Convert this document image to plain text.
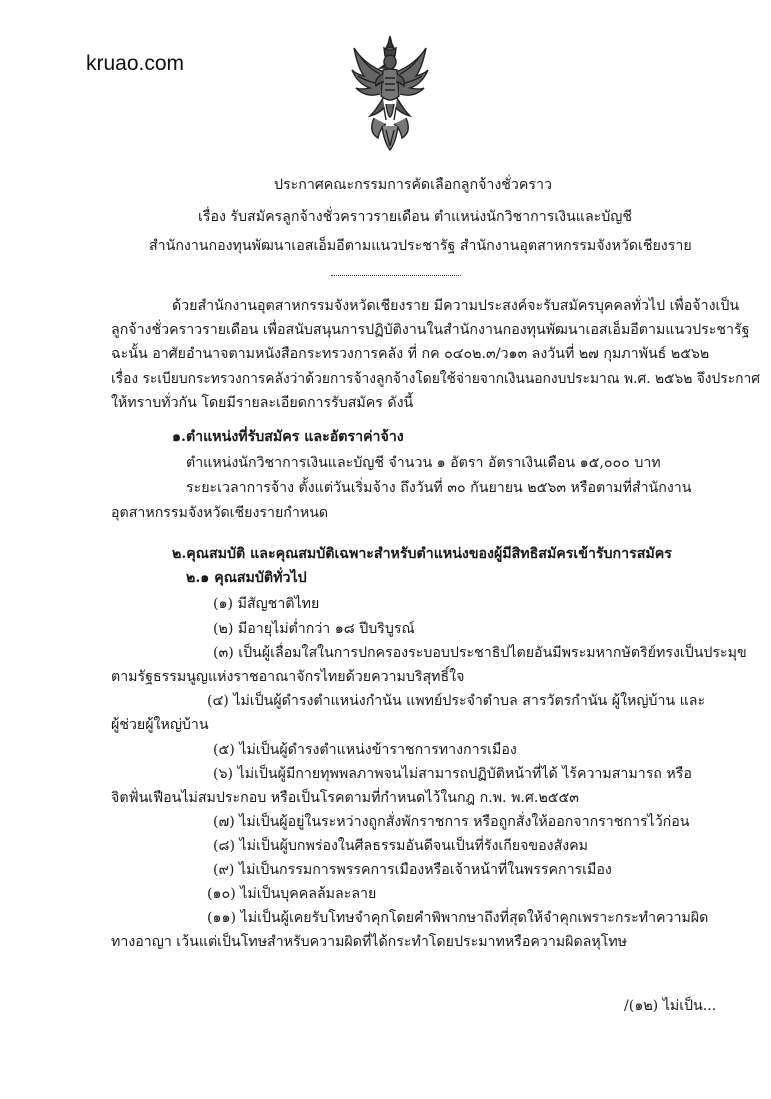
kruao.com
ประกาศคณะกรรมการคัดเลือกลูกจ้างชั่วคราว
เรื่อง รับสมัครลูกจ้างชั่วคราวรายเดือน ตำแหน่งนักวิชาการเงินและบัญชี
สำนักงานกองทุนพัฒนาเอสเอ็มอีตามแนวประชารัฐ สำนักงานอุตสาหกรรมจังหวัดเชียงราย
ด้วยสำนักงานอุตสาหกรรมจังหวัดเชียงราย มีความประสงค์จะรับสมัครบุคคลทั่วไป เพื่อจ้างเป็น
ลูกจ้างชั่วคราวรายเดือน เพื่อสนับสนุนการปฏิบัติงานในสำนักงานกองทุนพัฒนาเอสเอ็มอีตามแนวประชารัฐ
ฉะนั้น อาศัยอำนาจตามหนังสือกระทรวงการคลัง ที่ กค ๐๔๐๒.๓/ว๑๓ ลงวันที่ ๒๗ กุมภาพันธ์ ๒๕๖๒
เรื่อง ระเบียบกระทรวงการคลังว่าด้วยการจ้างลูกจ้างโดยใช้จ่ายจากเงินนอกงบประมาณ พ.ศ. ๒๕๖๒ จึงประกาศ
ให้ทราบทั่วกัน โดยมีรายละเอียดการรับสมัคร ดังนี้
๑.ตำแหน่งที่รับสมัคร และอัตราค่าจ้าง
ตำแหน่งนักวิชาการเงินและบัญชี จำนวน ๑ อัตรา อัตราเงินเดือน ๑๕,๐๐๐ บาท
ระยะเวลาการจ้าง ตั้งแต่วันเริ่มจ้าง ถึงวันที่ ๓๐ กันยายน ๒๕๖๓ หรือตามที่สำนักงาน
อุตสาหกรรมจังหวัดเชียงรายกำหนด
๒.คุณสมบัติ และคุณสมบัติเฉพาะสำหรับตำแหน่งของผู้มีสิทธิสมัครเข้ารับการสมัคร
๒.๑ คุณสมบัติทั่วไป
(๑) มีสัญชาติไทย
(๒) มีอายุไม่ต่ำกว่า ๑๘ ปีบริบูรณ์
(๓) เป็นผู้เลื่อมใสในการปกครองระบอบประชาธิปไตยอันมีพระมหากษัตริย์ทรงเป็นประมุข
ตามรัฐธรรมนูญแห่งราชอาณาจักรไทยด้วยความบริสุทธิ์ใจ
(๔) ไม่เป็นผู้ดำรงตำแหน่งกำนัน แพทย์ประจำตำบล สารวัตรกำนัน ผู้ใหญ่บ้าน และ
ผู้ช่วยผู้ใหญ่บ้าน
(๕) ไม่เป็นผู้ดำรงตำแหน่งข้าราชการทางการเมือง
(๖) ไม่เป็นผู้มีกายทุพพลภาพจนไม่สามารถปฏิบัติหน้าที่ได้ ไร้ความสามารถ หรือ
จิตฟั่นเฟือนไม่สมประกอบ หรือเป็นโรคตามที่กำหนดไว้ในกฎ ก.พ. พ.ศ.๒๕๕๓
(๗) ไม่เป็นผู้อยู่ในระหว่างถูกสั่งพักราชการ หรือถูกสั่งให้ออกจากราชการไว้ก่อน
(๘) ไม่เป็นผู้บกพร่องในศีลธรรมอันดีจนเป็นที่รังเกียจของสังคม
(๙) ไม่เป็นกรรมการพรรคการเมืองหรือเจ้าหน้าที่ในพรรคการเมือง
(๑๐) ไม่เป็นบุคคลล้มละลาย
(๑๑) ไม่เป็นผู้เคยรับโทษจำคุกโดยคำพิพากษาถึงที่สุดให้จำคุกเพราะกระทำความผิด
ทางอาญา เว้นแต่เป็นโทษสำหรับความผิดที่ได้กระทำโดยประมาทหรือความผิดลหุโทษ
/(๑๒) ไม่เป็น...
